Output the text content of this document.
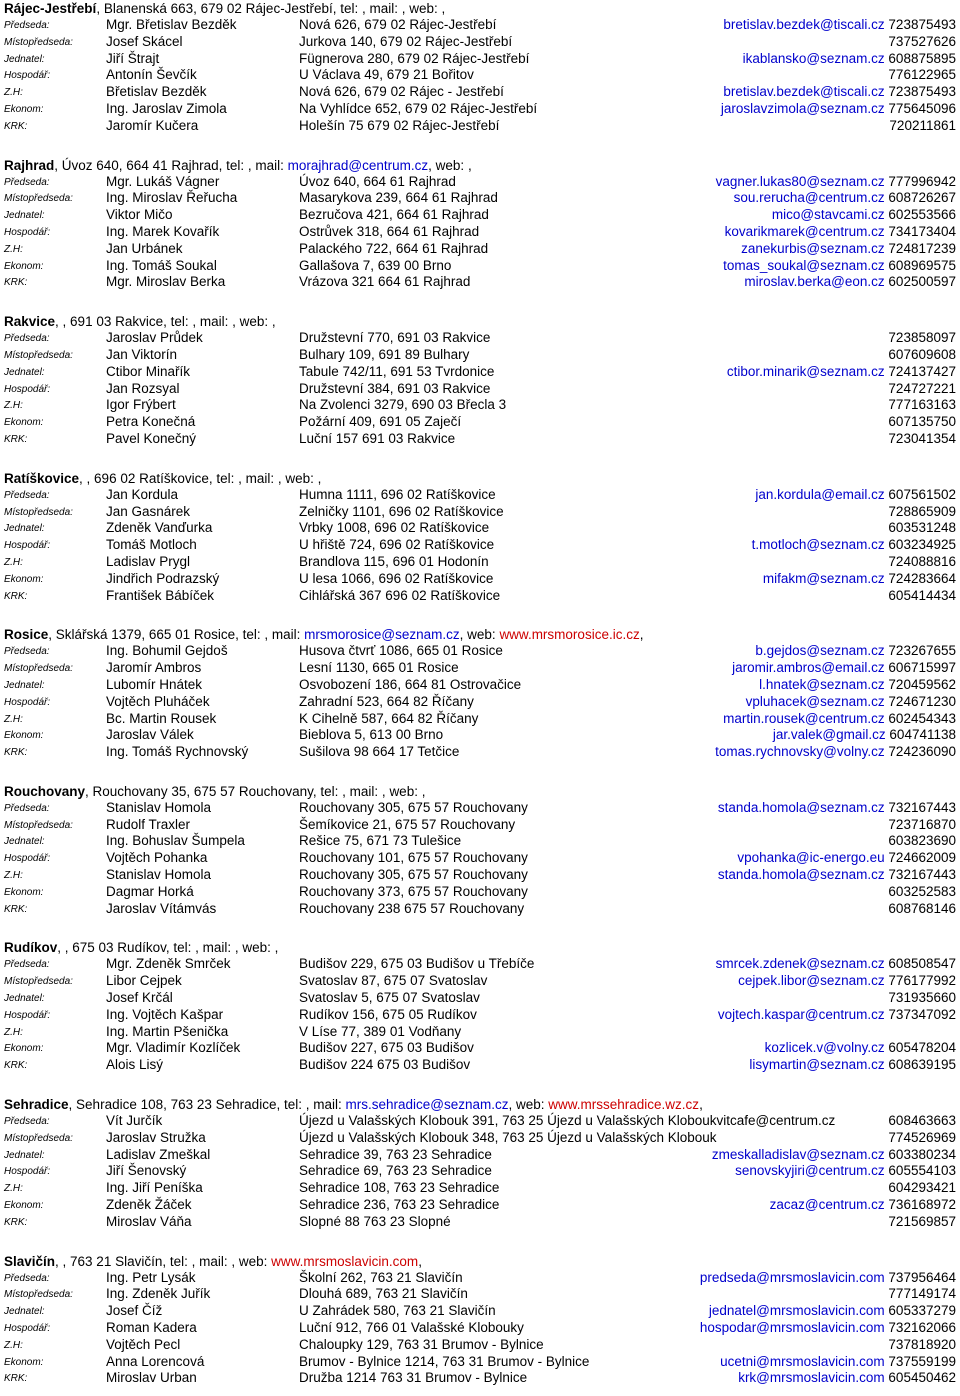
Rájec-Jestřebí, Blanenská 663, 679 02 Rájec-Jestřebí, tel: , mail: , web: ,
Předseda:	Mgr. Břetislav Bezděk	Nová 626, 679 02 Rájec-Jestřebí	bretislav.bezdek@tiscali.cz 723875493
Místopředseda: Josef Skácel	Jurkova 140, 679 02 Rájec-Jestřebí	737527626
Jednatel:	Jiří Štrajt	Fügnerova 280, 679 02 Rájec-Jestřebí	ikablansko@seznam.cz 608875895
Hospodář:	Antonín Ševčík	U Václava 49, 679 21 Bořitov	776122965
Z.H:	Břetislav Bezděk	Nová 626, 679 02 Rájec - Jestřebí	bretislav.bezdek@tiscali.cz 723875493
Ekonom:	Ing. Jaroslav Zimola	Na Vyhlídce 652, 679 02 Rájec-Jestřebí	jaroslavzimola@seznam.cz 775645096
KRK:	Jaromír Kučera	Holešín 75 679 02 Rájec-Jestřebí	720211861
Rajhrad, Úvoz 640, 664 41 Rajhrad, tel: , mail: morajhrad@centrum.cz, web: ,
Předseda:	Mgr. Lukáš Vágner	Úvoz 640, 664 61 Rajhrad	vagner.lukas80@seznam.cz 777996942
Místopředseda: Ing. Miroslav Řeřucha	Masarykova 239, 664 61 Rajhrad	sou.rerucha@centrum.cz 608726267
Jednatel:	Viktor Mičo	Bezručova 421, 664 61 Rajhrad	mico@stavcami.cz 602553566
Hospodář:	Ing. Marek Kovařík	Ostrůvek 318, 664 61 Rajhrad	kovarikmarek@centrum.cz 734173404
Z.H:	Jan Urbánek	Palackého 722, 664 61 Rajhrad	zanekurbis@seznam.cz 724817239
Ekonom:	Ing. Tomáš Soukal	Gallašova 7, 639 00 Brno	tomas_soukal@seznam.cz 608969575
KRK:	Mgr. Miroslav Berka	Vrázova 321 664 61 Rajhrad	miroslav.berka@eon.cz 602500597
Rakvice, , 691 03 Rakvice, tel: , mail: , web: ,
Předseda:	Jaroslav Průdek	Družstevní 770, 691 03 Rakvice	723858097
Místopředseda: Jan Viktorín	Bulhary 109, 691 89 Bulhary	607609608
Jednatel:	Ctibor Minařík	Tabule 742/11, 691 53 Tvrdonice	ctibor.minarik@seznam.cz 724137427
Hospodář:	Jan Rozsyal	Družstevní 384, 691 03 Rakvice	724727221
Z.H:	Igor Frýbert	Na Zvolenci 3279, 690 03 Břecla 3	777163163
Ekonom:	Petra Konečná	Požární 409, 691 05 Zaječí	607135750
KRK:	Pavel Konečný	Luční 157 691 03 Rakvice	723041354
Ratíškovice, , 696 02 Ratíškovice, tel: , mail: , web: ,
Předseda:	Jan Kordula	Humna 1111, 696 02 Ratíškovice	jan.kordula@email.cz 607561502
Místopředseda: Jan Gasnárek	Zelničky 1101, 696 02 Ratíškovice	728865909
Jednatel:	Zdeněk Vanďurka	Vrbky 1008, 696 02 Ratíškovice	603531248
Hospodář:	Tomáš Motloch	U hřiště 724, 696 02 Ratíškovice	t.motloch@seznam.cz 603234925
Z.H:	Ladislav Prygl	Brandlova 115, 696 01 Hodonín	724088816
Ekonom:	Jindřich Podrazský	U lesa 1066, 696 02 Ratíškovice	mifakm@seznam.cz 724283664
KRK:	František Bábíček	Cihlářská 367 696 02 Ratíškovice	605414434
Rosice, Sklářská 1379, 665 01 Rosice, tel: , mail: mrsmorosice@seznam.cz, web: www.mrsmorosice.ic.cz,
Předseda:	Ing. Bohumil Gejdoš	Husova čtvrť 1086, 665 01 Rosice	b.gejdos@seznam.cz 723267655
Místopředseda: Jaromír Ambros	Lesní 1130, 665 01 Rosice	jaromir.ambros@email.cz 606715997
Jednatel:	Lubomír Hnátek	Osvobození 186, 664 81 Ostrovačice	l.hnatek@seznam.cz 720459562
Hospodář:	Vojtěch Pluháček	Zahradní 523, 664 82 Říčany	vpluhacek@seznam.cz 724671230
Z.H:	Bc. Martin Rousek	K Cihelně 587, 664 82 Říčany	martin.rousek@centrum.cz 602454343
Ekonom:	Jaroslav Válek	Bieblova 5, 613 00 Brno	jar.valek@gmail.cz 604741138
KRK:	Ing. Tomáš Rychnovský	Sušilova 98 664 17 Tetčice	tomas.rychnovsky@volny.cz 724236090
Rouchovany, Rouchovany 35, 675 57 Rouchovany, tel: , mail: , web: ,
Předseda:	Stanislav Homola	Rouchovany 305, 675 57 Rouchovany	standa.homola@seznam.cz 732167443
Místopředseda: Rudolf Traxler	Šemíkovice 21, 675 57 Rouchovany	723716870
Jednatel:	Ing. Bohuslav Šumpela	Rešice 75, 671 73 Tulešice	603823690
Hospodář:	Vojtěch Pohanka	Rouchovany 101, 675 57 Rouchovany	vpohanka@ic-energo.eu 724662009
Z.H:	Stanislav Homola	Rouchovany 305, 675 57 Rouchovany	standa.homola@seznam.cz 732167443
Ekonom:	Dagmar Horká	Rouchovany 373, 675 57 Rouchovany	603252583
KRK:	Jaroslav Vítámvás	Rouchovany 238 675 57 Rouchovany	608768146
Rudíkov, , 675 03 Rudíkov, tel: , mail: , web: ,
Předseda:	Mgr. Zdeněk Smrček	Budišov 229, 675 03 Budišov u Třebíče	smrcek.zdenek@seznam.cz 608508547
Místopředseda: Libor Cejpek	Svatoslav 87, 675 07 Svatoslav	cejpek.libor@seznam.cz 776177992
Jednatel:	Josef Krčál	Svatoslav 5, 675 07 Svatoslav	731935660
Hospodář:	Ing. Vojtěch Kašpar	Rudíkov 156, 675 05 Rudíkov	vojtech.kaspar@centrum.cz 737347092
Z.H:	Ing. Martin Pšenička	V Líse 77, 389 01 Vodňany
Ekonom:	Mgr. Vladimír Kozlíček	Budišov 227, 675 03 Budišov	kozlicek.v@volny.cz 605478204
KRK:	Alois Lisý	Budišov 224 675 03 Budišov	lisymartin@seznam.cz 608639195
Sehradice, Sehradice 108, 763 23 Sehradice, tel: , mail: mrs.sehradice@seznam.cz, web: www.mrssehradice.wz.cz,
Předseda:	Vít Jurčík	Újezd u Valašských Klobouk 391, 763 25 Újezd u Valašských Kloboukvitcafe@centrum.cz	608463663
Místopředseda: Jaroslav Stružka	Újezd u Valašských Klobouk 348, 763 25 Újezd u Valašských Klobouk	774526969
Jednatel:	Ladislav Zmeškal	Sehradice 39, 763 23 Sehradice	zmeskalladislav@seznam.cz 603380234
Hospodář:	Jiří Šenovský	Sehradice 69, 763 23 Sehradice	senovskyjiri@centrum.cz 605554103
Z.H:	Ing. Jiří Peníška	Sehradice 108, 763 23 Sehradice	604293421
Ekonom:	Zdeněk Žáček	Sehradice 236, 763 23 Sehradice	zacaz@centrum.cz 736168972
KRK:	Miroslav Váňa	Slopné 88 763 23 Slopné	721569857
Slavičín, , 763 21 Slavičín, tel: , mail: , web: www.mrsmoslavicin.com,
Předseda:	Ing. Petr Lysák	Školní 262, 763 21 Slavičín	predseda@mrsmoslavicin.com 737956464
Místopředseda: Ing. Zdeněk Juřík	Dlouhá 689, 763 21 Slavičín	777149174
Jednatel:	Josef Číž	U Zahrádek 580, 763 21 Slavičín	jednatel@mrsmoslavicin.com 605337279
Hospodář:	Roman Kadera	Luční 912, 766 01 Valašské Klobouky	hospodar@mrsmoslavicin.com 732162066
Z.H:	Vojtěch Pecl	Chaloupky 129, 763 31 Brumov - Bylnice	737818920
Ekonom:	Anna Lorencová	Brumov - Bylnice 1214, 763 31 Brumov - Bylnice	ucetni@mrsmoslavicin.com 737559199
KRK:	Miroslav Urban	Družba 1214 763 31 Brumov - Bylnice	krk@mrsmoslavicin.com 605450462
